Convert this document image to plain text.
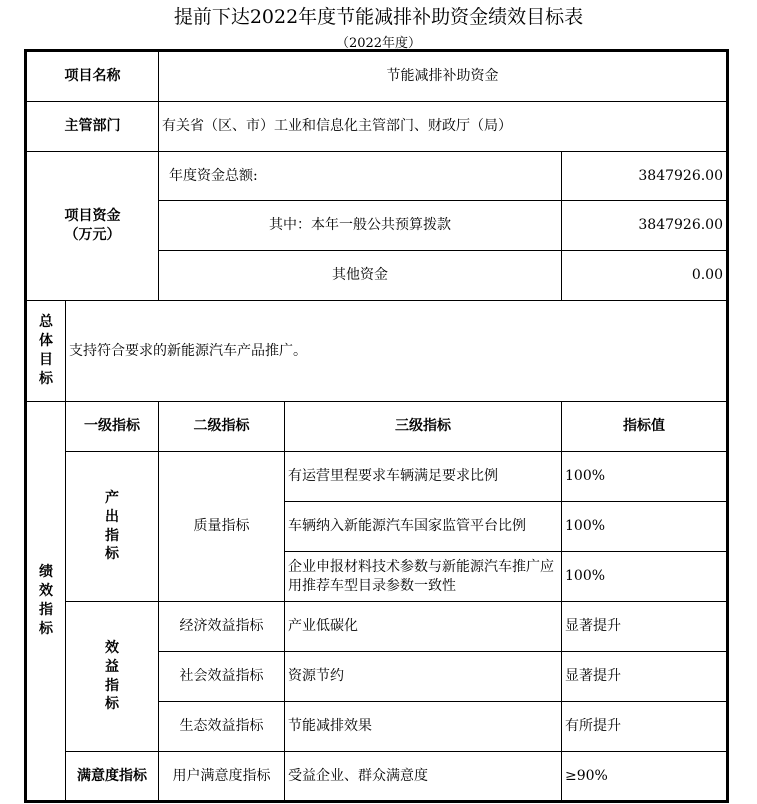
提前下达2022年度节能减排补助资金绩效目标表
（2022年度）
项目名称		节能减排补助资金		
主管部门		有关省（区、市）工业和信息化主管部门、财政厅（局）		

项目资金
（万元）		年度资金总额:		3847926.00
		其中：本年一般公共预算拨款		3847926.00
		其他资金		0.00

总
体
目
标	支持符合要求的新能源汽车产品推广。			

绩
效
指
标	一级指标	二级指标	三级指标	指标值

	产
出
指
标	质量指标	有运营里程要求车辆满足要求比例	100%
			车辆纳入新能源汽车国家监管平台比例	100%
			企业申报材料技术参数与新能源汽车推广应用推荐车型目录参数一致性	100%

	效
益
指
标	经济效益指标	产业低碳化	显著提升
		社会效益指标	资源节约	显著提升
		生态效益指标	节能减排效果	有所提升
	满意度指标	用户满意度指标	受益企业、群众满意度	≥90%
